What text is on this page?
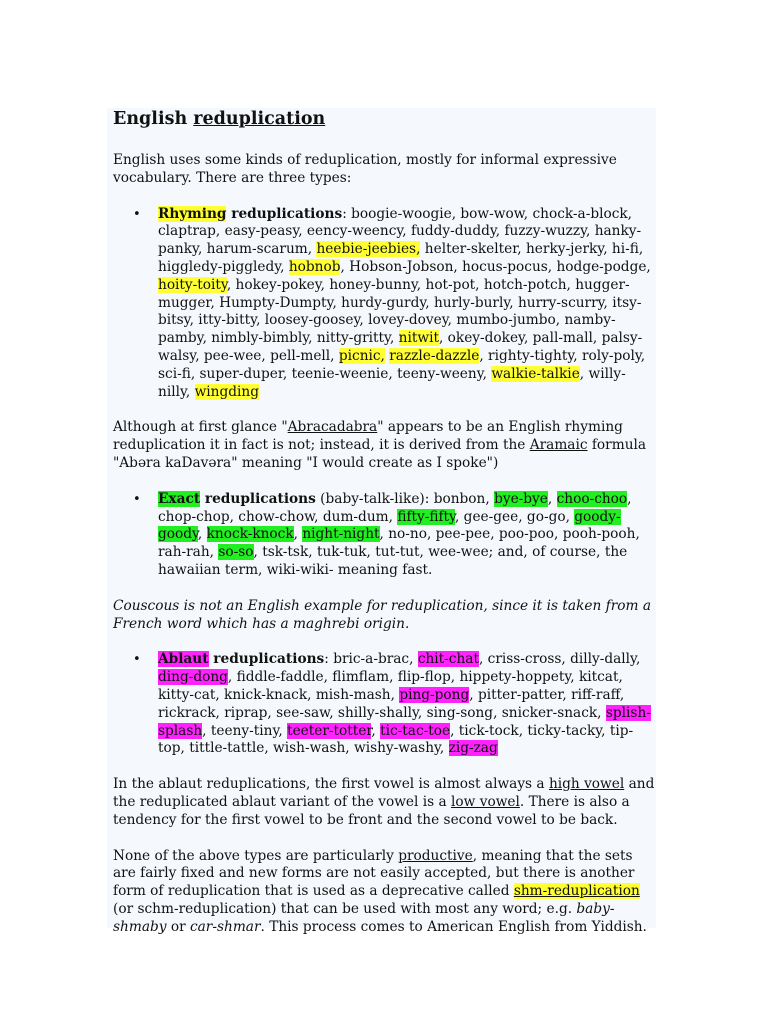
English reduplication

English uses some kinds of reduplication, mostly for informal expressive vocabulary. There are three types:

• Rhyming reduplications: boogie-woogie, bow-wow, chock-a-block, claptrap, easy-peasy, eency-weency, fuddy-duddy, fuzzy-wuzzy, hanky-panky, harum-scarum, heebie-jeebies, helter-skelter, herky-jerky, hi-fi, higgledy-piggledy, hobnob, Hobson-Jobson, hocus-pocus, hodge-podge, hoity-toity, hokey-pokey, honey-bunny, hot-pot, hotch-potch, hugger-mugger, Humpty-Dumpty, hurdy-gurdy, hurly-burly, hurry-scurry, itsy-bitsy, itty-bitty, loosey-goosey, lovey-dovey, mumbo-jumbo, namby-pamby, nimbly-bimbly, nitty-gritty, nitwit, okey-dokey, pall-mall, palsy-walsy, pee-wee, pell-mell, picnic, razzle-dazzle, righty-tighty, roly-poly, sci-fi, super-duper, teenie-weenie, teeny-weeny, walkie-talkie, willy-nilly, wingding

Although at first glance "Abracadabra" appears to be an English rhyming reduplication it in fact is not; instead, it is derived from the Aramaic formula "Abəra kaDavəra" meaning "I would create as I spoke")

• Exact reduplications (baby-talk-like): bonbon, bye-bye, choo-choo, chop-chop, chow-chow, dum-dum, fifty-fifty, gee-gee, go-go, goody-goody, knock-knock, night-night, no-no, pee-pee, poo-poo, pooh-pooh, rah-rah, so-so, tsk-tsk, tuk-tuk, tut-tut, wee-wee; and, of course, the hawaiian term, wiki-wiki- meaning fast.

Couscous is not an English example for reduplication, since it is taken from a French word which has a maghrebi origin.

• Ablaut reduplications: bric-a-brac, chit-chat, criss-cross, dilly-dally, ding-dong, fiddle-faddle, flimflam, flip-flop, hippety-hoppety, kitcat, kitty-cat, knick-knack, mish-mash, ping-pong, pitter-patter, riff-raff, rickrack, riprap, see-saw, shilly-shally, sing-song, snicker-snack, splish-splash, teeny-tiny, teeter-totter, tic-tac-toe, tick-tock, ticky-tacky, tip-top, tittle-tattle, wish-wash, wishy-washy, zig-zag

In the ablaut reduplications, the first vowel is almost always a high vowel and the reduplicated ablaut variant of the vowel is a low vowel. There is also a tendency for the first vowel to be front and the second vowel to be back.

None of the above types are particularly productive, meaning that the sets are fairly fixed and new forms are not easily accepted, but there is another form of reduplication that is used as a deprecative called shm-reduplication (or schm-reduplication) that can be used with most any word; e.g. baby-shmaby or car-shmar. This process comes to American English from Yiddish.
